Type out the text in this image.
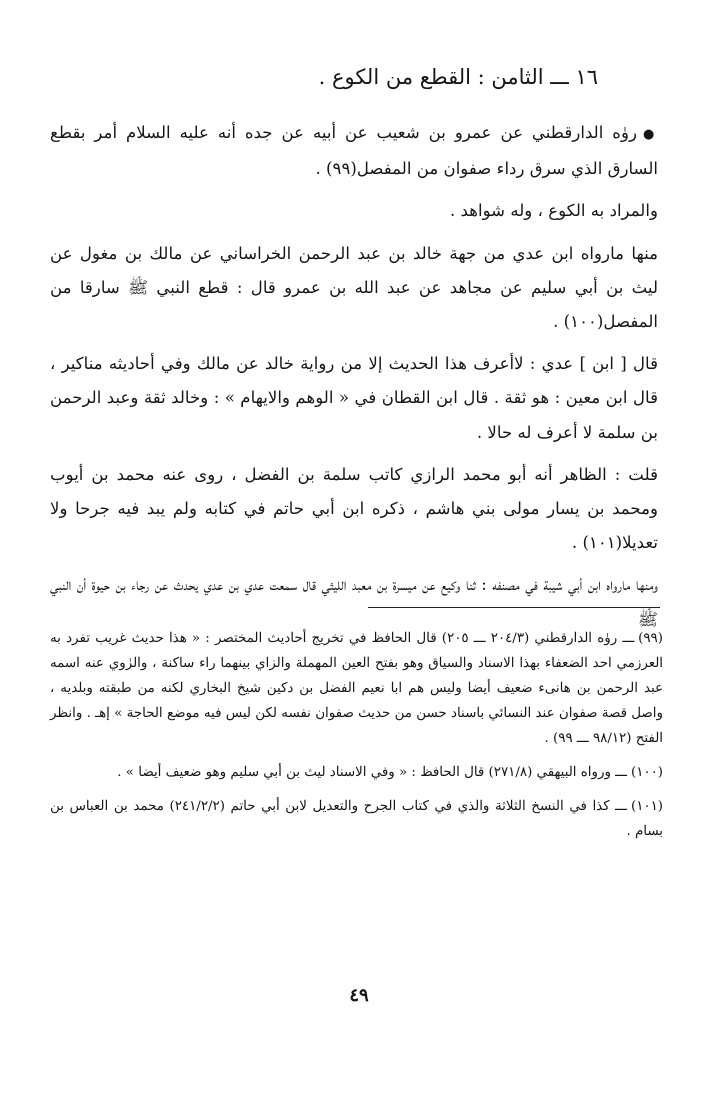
١٦ ـــ الثامن : القطع من الكوع .

●روٰه الدارقطني عن عمرو بن شعيب عن أبيه عن جده أنه عليه السلام أمر بقطع السارق الذي سرق رداء صفوان من المفصل(٩٩) .

والمراد به الكوع ، وله شواهد .

منها مارواه ابن عدي من جهة خالد بن عبد الرحمن الخراساني عن مالك بن مغول عن ليث بن أبي سليم عن مجاهد عن عبد الله بن عمرو قال : قطع النبي ﷺ سارقا من المفصل(١٠٠) .

قال [ ابن ] عدي : لاأعرف هذا الحديث إلا من رواية خالد عن مالك وفي أحاديثه مناكير ، قال ابن معين : هو ثقة . قال ابن القطان في « الوهم والايهام » : وخالد ثقة وعبد الرحمن بن سلمة لا أعرف له حالا .

قلت : الظاهر أنه أبو محمد الرازي كاتب سلمة بن الفضل ، روى عنه محمد بن أيوب ومحمد بن يسار مولى بني هاشم ، ذكره ابن أبي حاتم في كتابه ولم يبد فيه جرحا ولا تعديلا(١٠١) .

ومنها مارواه ابن أبي شيبة في مصنفه : ثنا وكيع عن ميسرة بن معبد الليثي قال سمعت عدي بن عدي يحدث عن رجاء بن حيوة أن النبي ﷺ

(٩٩)ـــ روٰه الدارقطني (٢٠٤/٣ ـــ ٢٠٥) قال الحافظ في تخريج أحاديث المختصر : « هذا حديث غريب تفرد به العرزمي احد الضعفاء بهذا الاسناد والسياق وهو بفتح العين المهملة والزاي بينهما راء ساكنة ، والرٰوي عنه اسمه عبد الرحمن بن هانىء ضعيف أيضا وليس هم ابا نعيم الفضل بن دكين شيخ البخاري لكنه من طبقته وبلديه ، واصل قصة صفوان عند النسائي باسناد حسن من حديث صفوان نفسه لكن ليس فيه موضع الحاجة » إهـ . وانظر الفتح (٩٨/١٢ ـــ ٩٩) .

(١٠٠)ـــ ورواه البيهقي (٢٧١/٨) قال الحافظ : « وفي الاسناد ليث بن أبي سليم وهو ضعيف أيضا » .

(١٠١)ـــ كذا في النسخ الثلاثة والذي في كتاب الجرح والتعديل لابن أبي حاتم (٢٤١/٢/٢) محمد بن العباس بن بسام .

٤٩
